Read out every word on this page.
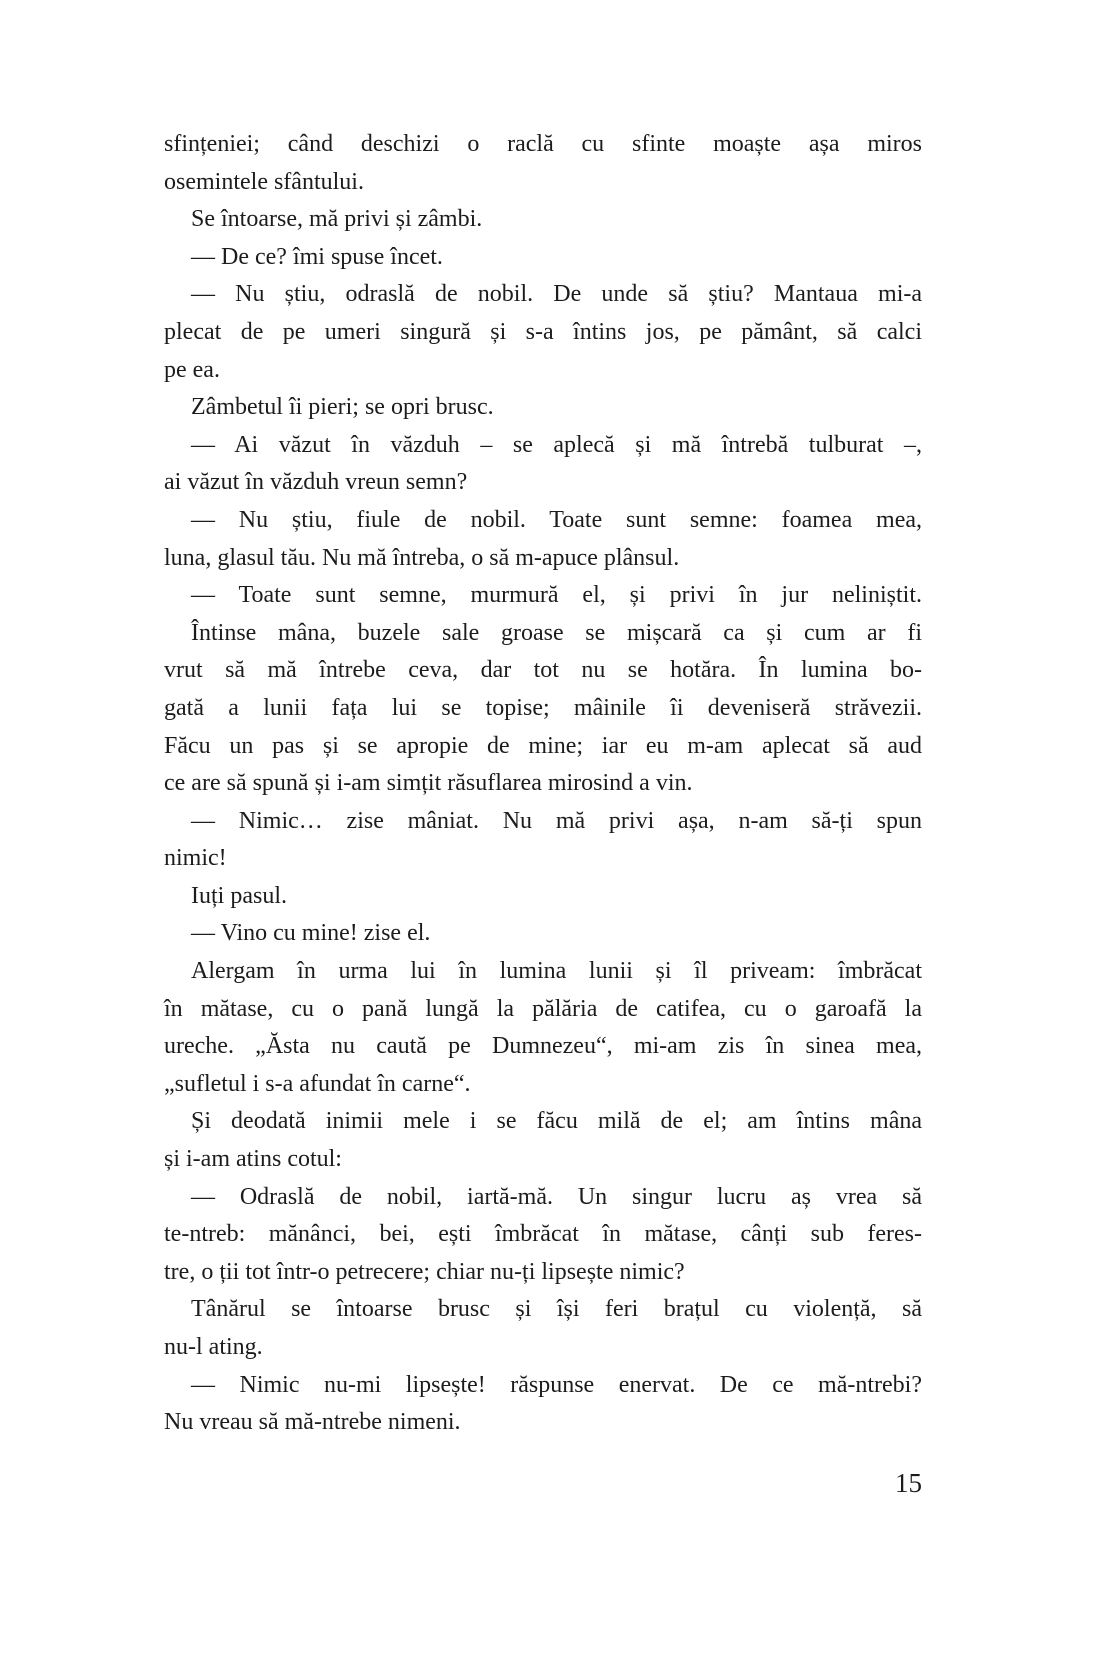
sfințeniei; când deschizi o raclă cu sfinte moaște așa miros
osemintele sfântului.
Se întoarse, mă privi și zâmbi.
— De ce? îmi spuse încet.
— Nu știu, odraslă de nobil. De unde să știu? Mantaua mi-a
plecat de pe umeri singură și s-a întins jos, pe pământ, să calci
pe ea.
Zâmbetul îi pieri; se opri brusc.
— Ai văzut în văzduh – se aplecă și mă întrebă tulburat –,
ai văzut în văzduh vreun semn?
— Nu știu, fiule de nobil. Toate sunt semne: foamea mea,
luna, glasul tău. Nu mă întreba, o să m-apuce plânsul.
— Toate sunt semne, murmură el, și privi în jur neliniștit.
Întinse mâna, buzele sale groase se mișcară ca și cum ar fi
vrut să mă întrebe ceva, dar tot nu se hotăra. În lumina bo-
gată a lunii fața lui se topise; mâinile îi deveniseră străvezii.
Făcu un pas și se apropie de mine; iar eu m-am aplecat să aud
ce are să spună și i-am simțit răsuflarea mirosind a vin.
— Nimic… zise mâniat. Nu mă privi așa, n-am să-ți spun
nimic!
Iuți pasul.
— Vino cu mine! zise el.
Alergam în urma lui în lumina lunii și îl priveam: îmbrăcat
în mătase, cu o pană lungă la pălăria de catifea, cu o garoafă la
ureche. „Ăsta nu caută pe Dumnezeu“, mi-am zis în sinea mea,
„sufletul i s-a afundat în carne“.
Și deodată inimii mele i se făcu milă de el; am întins mâna
și i-am atins cotul:
— Odraslă de nobil, iartă-mă. Un singur lucru aș vrea să
te-ntreb: mănânci, bei, ești îmbrăcat în mătase, cânți sub feres-
tre, o ții tot într-o petrecere; chiar nu-ți lipsește nimic?
Tânărul se întoarse brusc și își feri brațul cu violență, să
nu-l ating.
— Nimic nu-mi lipsește! răspunse enervat. De ce mă-ntrebi?
Nu vreau să mă-ntrebe nimeni.
15
